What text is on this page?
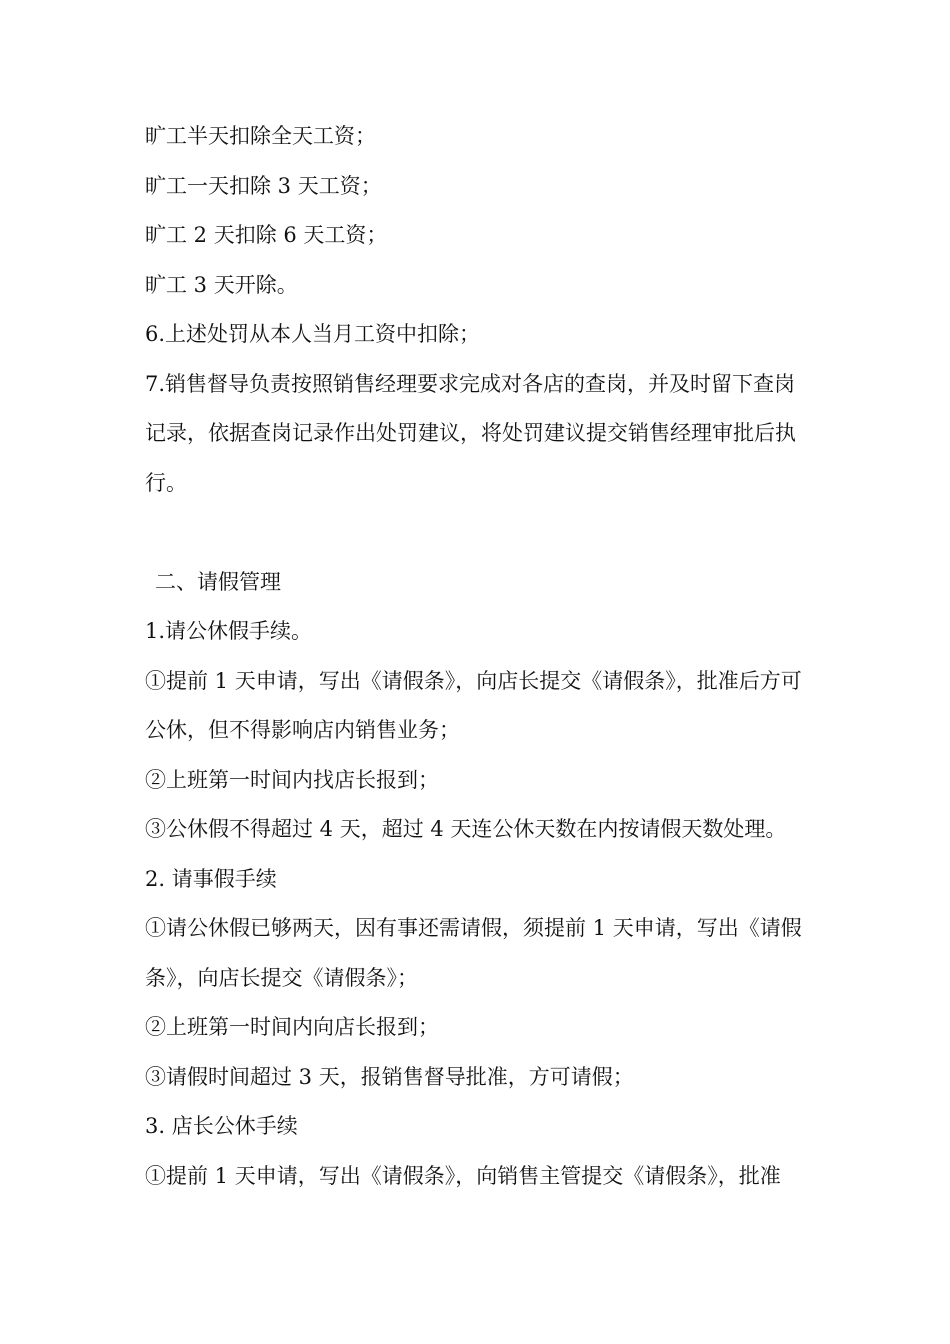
旷工半天扣除全天工资；
旷工一天扣除 3 天工资；
旷工 2 天扣除 6 天工资；
旷工 3 天开除。
6.上述处罚从本人当月工资中扣除；
7.销售督导负责按照销售经理要求完成对各店的查岗，并及时留下查岗记录，依据查岗记录作出处罚建议，将处罚建议提交销售经理审批后执行。
二、请假管理
1.请公休假手续。
①提前 1 天申请，写出《请假条》，向店长提交《请假条》，批准后方可公休，但不得影响店内销售业务；
②上班第一时间内找店长报到；
③公休假不得超过 4 天，超过 4 天连公休天数在内按请假天数处理。
2. 请事假手续
①请公休假已够两天，因有事还需请假，须提前 1 天申请，写出《请假条》，向店长提交《请假条》；
②上班第一时间内向店长报到；
③请假时间超过 3 天，报销售督导批准，方可请假；
3. 店长公休手续
①提前 1 天申请，写出《请假条》，向销售主管提交《请假条》，批准
